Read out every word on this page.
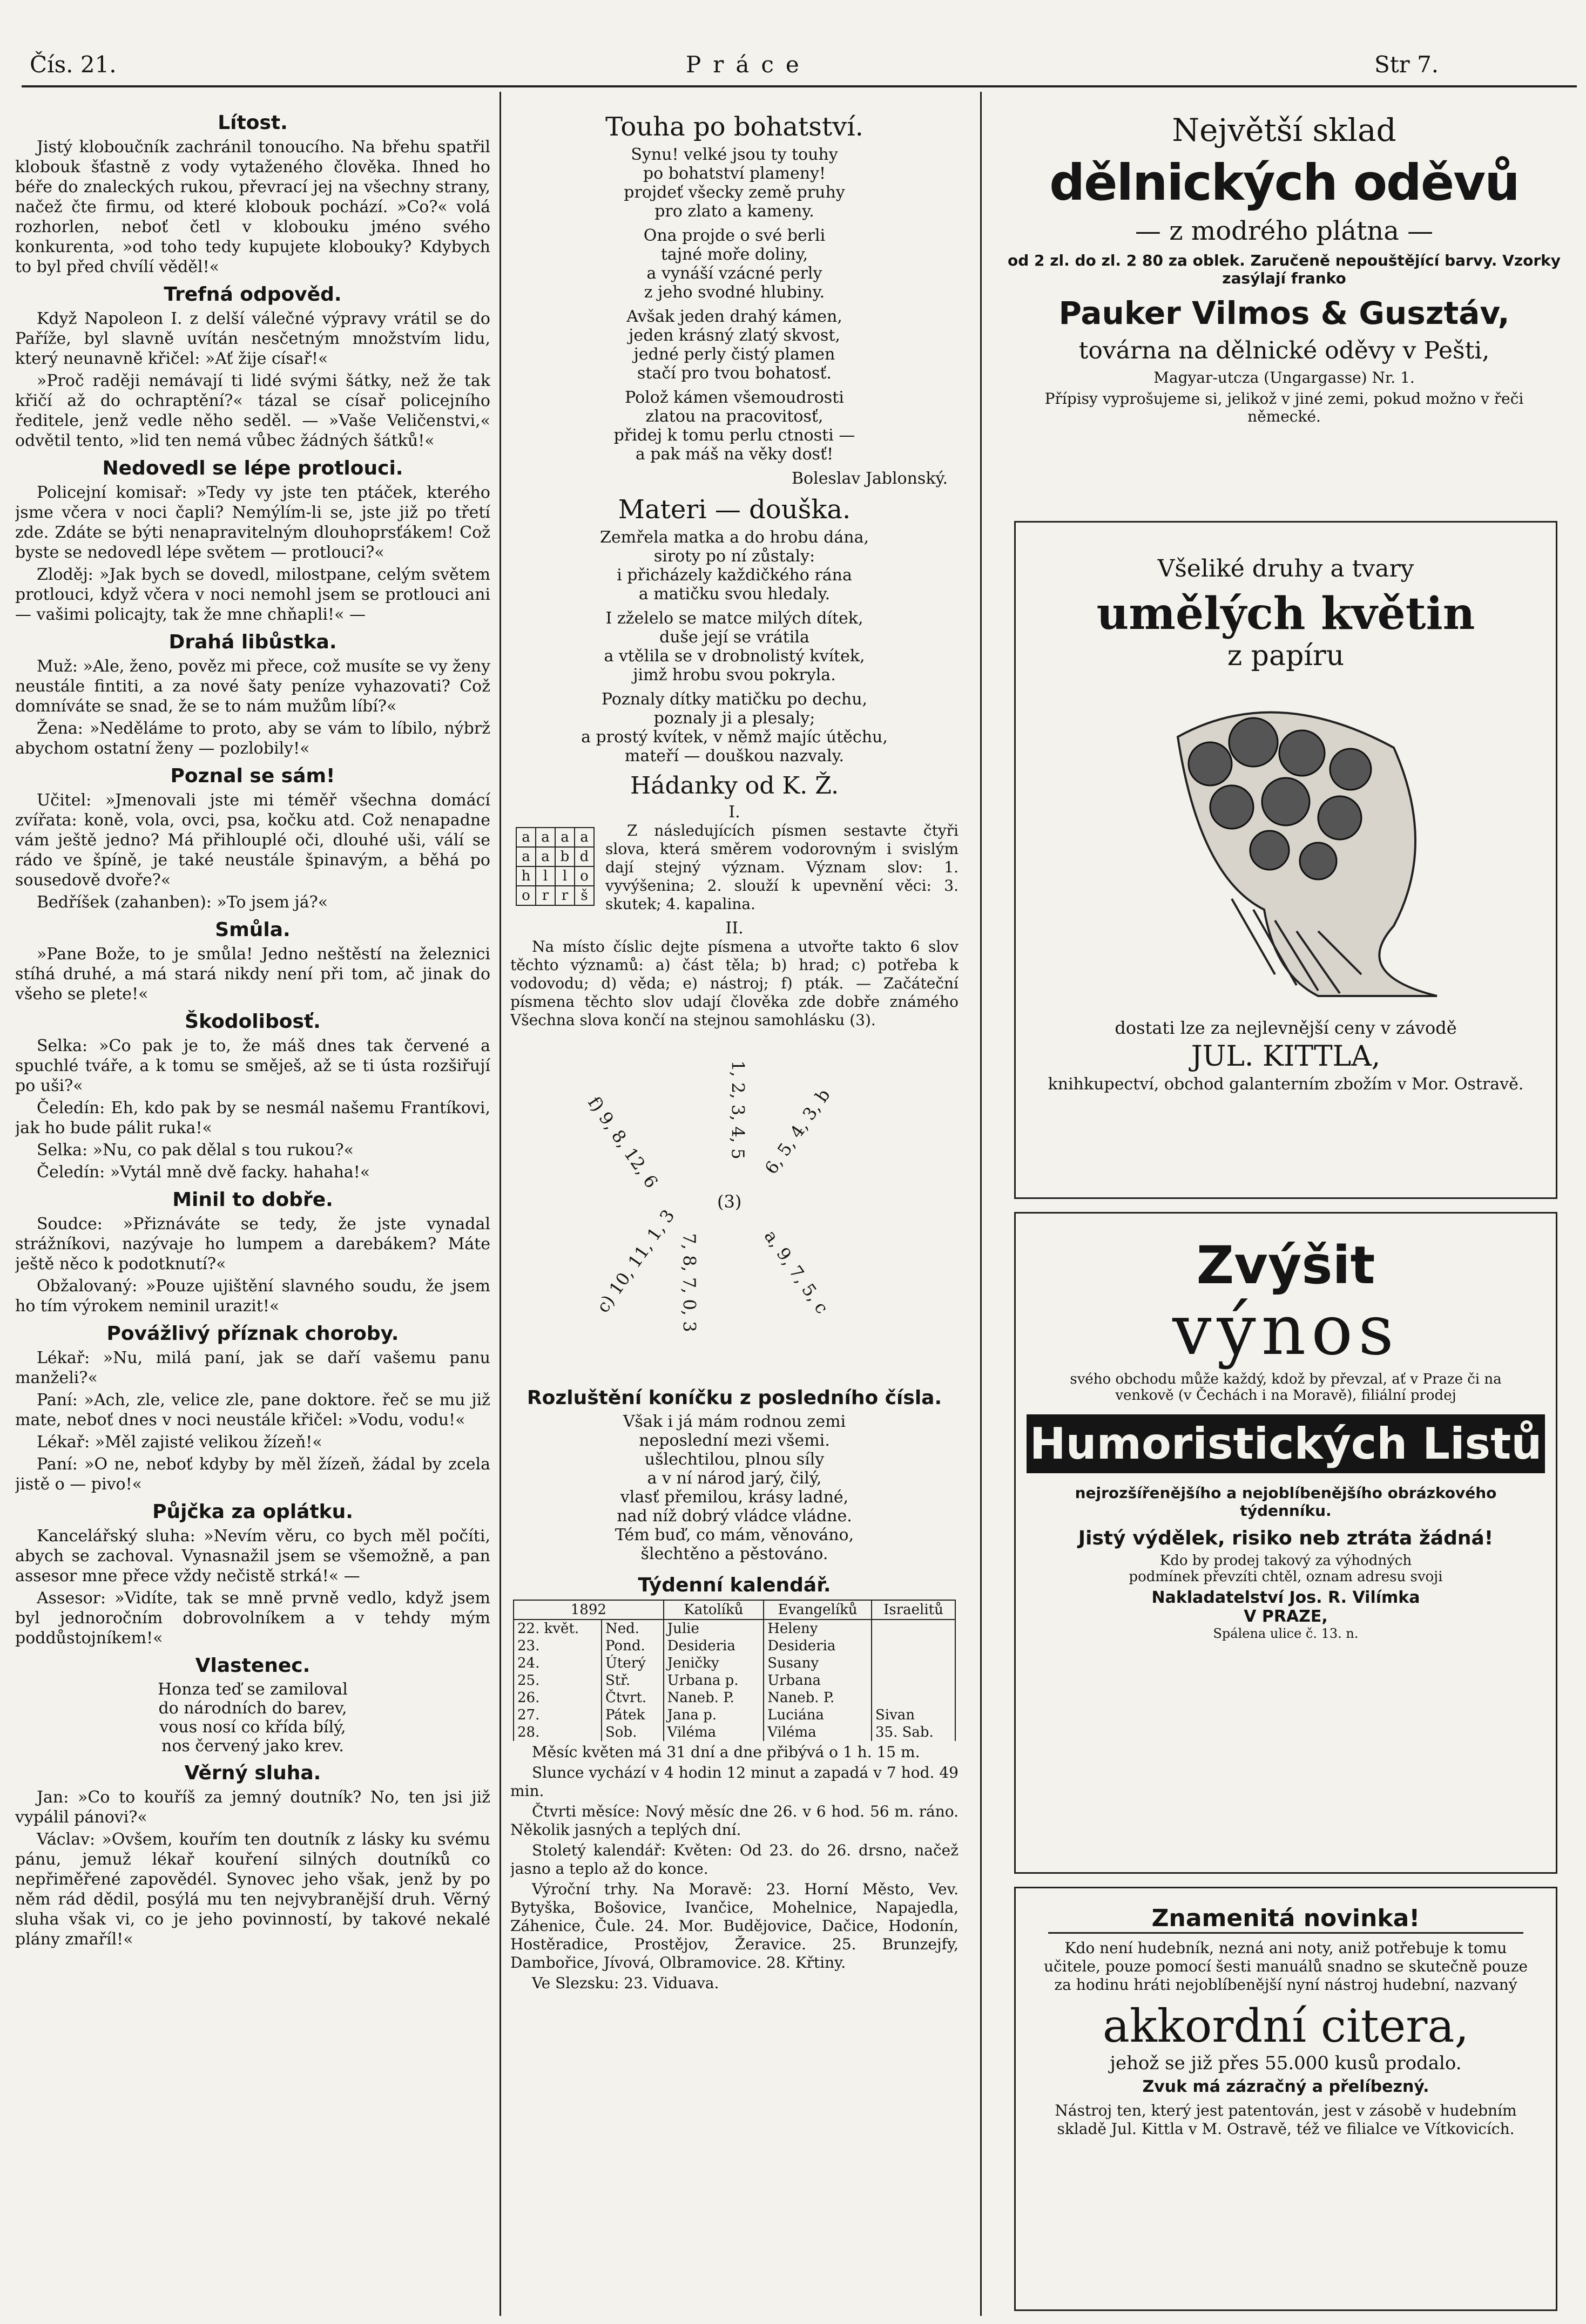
Čís. 21.	Práce	Str 7.
Lítost.

Jistý kloboučník zachránil tonoucího. Na břehu spatřil klobouk šťastně z vody vytaženého člověka. Ihned ho béře do znaleckých rukou, převrací jej na všechny strany, načež čte firmu, od které klobouk pochází. »Co?« volá rozhorlen, neboť četl v klobouku jméno svého konkurenta, »od toho tedy kupujete klobouky? Kdybych to byl před chvílí věděl!«

Trefná odpověd.

Když Napoleon I. z delší válečné výpravy vrátil se do Paříže, byl slavně uvítán nesčetným množstvím lidu, který neunavně křičel: »Ať žije císař!«

»Proč raději nemávají ti lidé svými šátky, než že tak křičí až do ochraptění?« tázal se císař policejního ředitele, jenž vedle něho seděl. — »Vaše Veličenstvi,« odvětil tento, »lid ten nemá vůbec žádných šátků!«

Nedovedl se lépe protlouci.

Policejní komisař: »Tedy vy jste ten ptáček, kterého jsme včera v noci čapli? Nemýlím-li se, jste již po třetí zde. Zdáte se býti nenapravitelným dlouhoprsťákem! Což byste se nedovedl lépe světem — protlouci?«

Zloděj: »Jak bych se dovedl, milostpane, celým světem protlouci, když včera v noci nemohl jsem se protlouci ani — vašimi policajty, tak že mne chňapli!« —

Drahá libůstka.

Muž: »Ale, ženo, pověz mi přece, což musíte se vy ženy neustále fintiti, a za nové šaty peníze vyhazovati? Což domníváte se snad, že se to nám mužům líbí?«

Žena: »Neděláme to proto, aby se vám to líbilo, nýbrž abychom ostatní ženy — pozlobily!«

Poznal se sám!

Učitel: »Jmenovali jste mi téměř všechna domácí zvířata: koně, vola, ovci, psa, kočku atd. Což nenapadne vám ještě jedno? Má přihlouplé oči, dlouhé uši, válí se rádo ve špíně, je také neustále špinavým, a běhá po sousedově dvoře?«

Bedříšek (zahanben): »To jsem já?«

Smůla.

»Pane Bože, to je smůla! Jedno neštěstí na železnici stíhá druhé, a má stará nikdy není při tom, ač jinak do všeho se plete!«

Škodolibosť.

Selka: »Co pak je to, že máš dnes tak červené a spuchlé tváře, a k tomu se směješ, až se ti ústa rozšiřují po uši?«

Čeledín: Eh, kdo pak by se nesmál našemu Frantíkovi, jak ho bude pálit ruka!«

Selka: »Nu, co pak dělal s tou rukou?«

Čeledín: »Vytál mně dvě facky. hahaha!«

Minil to dobře.

Soudce: »Přiznáváte se tedy, že jste vynadal strážníkovi, nazývaje ho lumpem a darebákem? Máte ještě něco k podotknutí?«

Obžalovaný: »Pouze ujištění slavného soudu, že jsem ho tím výrokem neminil urazit!«

Povážlivý příznak choroby.

Lékař: »Nu, milá paní, jak se daří vašemu panu manželi?«

Paní: »Ach, zle, velice zle, pane doktore. řeč se mu již mate, neboť dnes v noci neustále křičel: »Vodu, vodu!«

Lékař: »Měl zajisté velikou žízeň!«

Paní: »O ne, neboť kdyby by měl žízeň, žádal by zcela jistě o — pivo!«

Půjčka za oplátku.

Kancelářský sluha: »Nevím věru, co bych měl počíti, abych se zachoval. Vynasnažil jsem se všemožně, a pan assesor mne přece vždy nečistě strká!« —

Assesor: »Vidíte, tak se mně prvně vedlo, když jsem byl jednoročním dobrovolníkem a v tehdy mým poddůstojníkem!«

Vlastenec.
Honza teď se zamiloval
do národních do barev,
vous nosí co křída bílý,
nos červený jako krev.
Věrný sluha.

Jan: »Co to kouříš za jemný doutník? No, ten jsi již vypálil pánovi?«

Václav: »Ovšem, kouřím ten doutník z lásky ku svému pánu, jemuž lékař kouření silných doutníků co nepřiměřené zapovědél. Synovec jeho však, jenž by po něm rád dědil, posýlá mu ten nejvybranější druh. Věrný sluha však vi, co je jeho povinností, by takové nekalé plány zmaříl!«

Touha po bohatství.
Synu! velké jsou ty touhy
po bohatství plameny!
projdeť všecky země pruhy
pro zlato a kameny.
Ona projde o své berli
tajné moře doliny,
a vynáší vzácné perly
z jeho svodné hlubiny.
Avšak jeden drahý kámen,
jeden krásný zlatý skvost,
jedné perly čistý plamen
stačí pro tvou bohatosť.
Polož kámen všemoudrosti
zlatou na pracovitosť,
přidej k tomu perlu ctnosti —
a pak máš na věky dosť!
Boleslav Jablonský.
Materi — douška.
Zemřela matka a do hrobu dána,
siroty po ní zůstaly:
i přicházely každičkého rána
a matičku svou hledaly.
I zželelo se matce milých dítek,
duše její se vrátila
a vtělila se v drobnolistý kvítek,
jimž hrobu svou pokryla.
Poznaly dítky matičku po dechu,
poznaly ji a plesaly;
a prostý kvítek, v němž majíc útěchu,
mateří — douškou nazvaly.
Hádanky od K. Ž.
I.
a	a	a	a
a	a	b	d
h	l	l	o
o	r	r	š

Z následujících písmen sestavte čtyři slova, která směrem vodorovným i svislým dají stejný význam. Význam slov: 1. vyvýšenina; 2. slouží k upevnění věci: 3. skutek; 4. kapalina.

II.

Na místo číslic dejte písmena a utvořte takto 6 slov těchto významů: a) část těla; b) hrad; c) potřeba k vodovodu; d) věda; e) nástroj; f) pták. — Začáteční písmena těchto slov udají člověka zde dobře známého Všechna slova končí na stejnou samohlásku (3).

(3)
1, 2, 3, 4, 5 6, 5, 4, 3, b
a, 9, 7, 5, c
7, 8, 7, 0, 3
c) 10, 11, 1, 3
f) 9, 8, 12, 6
Rozluštění koníčku z posledního čísla.
Však i já mám rodnou zemi
neposlední mezi všemi.
ušlechtilou, plnou síly
a v ní národ jarý, čilý,
vlasť přemilou, krásy ladné,
nad níž dobrý vládce vládne.
Tém buď, co mám, věnováno,
šlechtěno a pěstováno.
Týdenní kalendář.
1892		Katolíků	Evangelíků	Israelitů
22. květ.	Ned.	Julie	Heleny	
23.	Pond.	Desideria	Desideria	
24.	Úterý	Jeničky	Susany	
25.	Stř.	Urbana p.	Urbana	
26.	Čtvrt.	Naneb. P.	Naneb. P.	
27.	Pátek	Jana p.	Luciána	Sivan
28.	Sob.	Viléma	Viléma	35. Sab.

Měsíc květen má 31 dní a dne přibývá o 1 h. 15 m.

Slunce vychází v 4 hodin 12 minut a zapadá v 7 hod. 49 min.

Čtvrti měsíce: Nový měsíc dne 26. v 6 hod. 56 m. ráno. Několik jasných a teplých dní.

Stoletý kalendář: Květen: Od 23. do 26. drsno, načež jasno a teplo až do konce.

Výroční trhy. Na Moravě: 23. Horní Město, Vev. Bytyška, Bošovice, Ivančice, Mohelnice, Napajedla, Záhenice, Čule. 24. Mor. Budějovice, Dačice, Hodonín, Hostěradice, Prostějov, Žeravice. 25. Brunzejfy, Dambořice, Jívová, Olbramovice. 28. Křtiny.

Ve Slezsku: 23. Viduava.

Největší sklad
dělnických oděvů
— z modrého plátna —
od 2 zl. do zl. 2 80 za oblek. Zaručeně nepouštějící barvy. Vzorky zasýlají franko
Pauker Vilmos & Gusztáv,
továrna na dělnické oděvy v Pešti,
Magyar-utcza (Ungargasse) Nr. 1.
Přípisy vyprošujeme si, jelikož v jiné zemi, pokud možno v řeči německé.
Všeliké druhy a tvary
umělých květin
z papíru
dostati lze za nejlevnější ceny v závodě
JUL. KITTLA,
knihkupectví, obchod galanterním zbožím v Mor. Ostravě.
Zvýšit
výnos
svého obchodu může každý, kdož by převzal, ať v Praze či na venkově (v Čechách i na Moravě), filiální prodej
Humoristických Listů
nejrozšířenějšího a nejoblíbenějšího obrázkového týdenníku.
Jistý výdělek, risiko neb ztráta žádná!
Kdo by prodej takový za výhodných podmínek převzíti chtěl, oznam adresu svoji
Nakladatelství Jos. R. Vilímka
V PRAZE,
Spálena ulice č. 13. n.
Znamenitá novinka!
Kdo není hudebník, nezná ani noty, aniž potřebuje k tomu učitele, pouze pomocí šesti manuálů snadno se skutečně pouze za hodinu hráti nejoblíbenější nyní nástroj hudební, nazvaný
akkordní citera,
jehož se již přes 55.000 kusů prodalo.
Zvuk má zázračný a přelíbezný.
Nástroj ten, který jest patentován, jest v zásobě v hudebním skladě Jul. Kittla v M. Ostravě, též ve filialce ve Vítkovicích.
